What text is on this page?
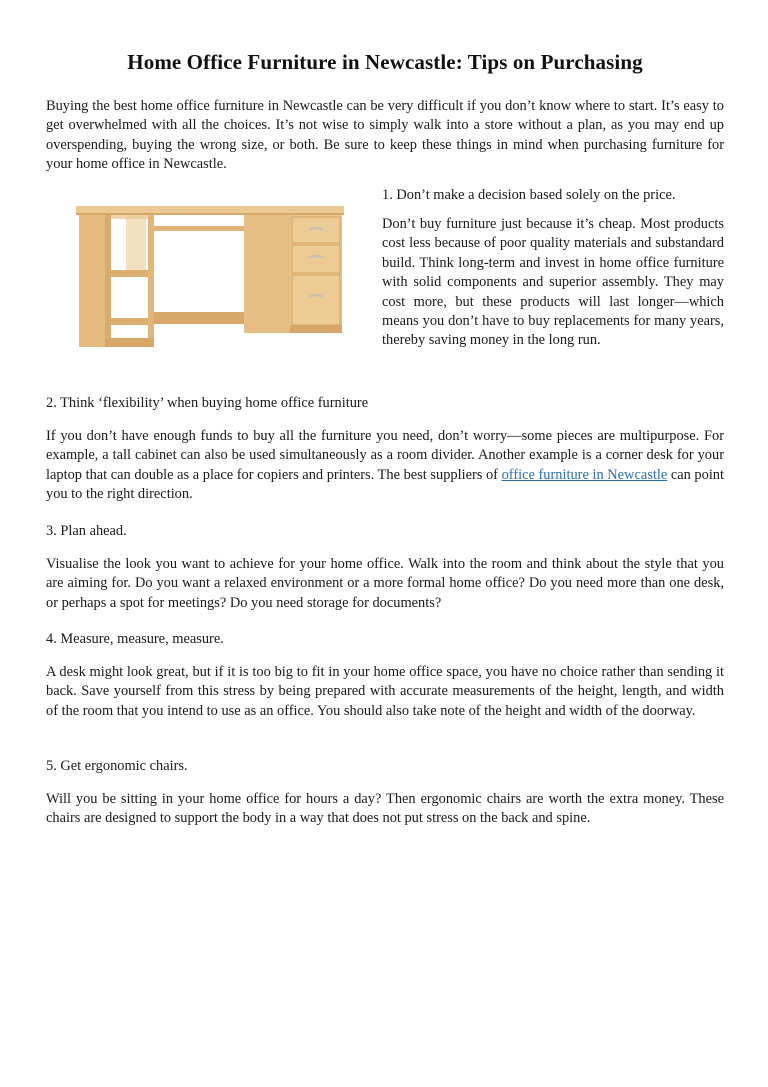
Home Office Furniture in Newcastle: Tips on Purchasing

Buying the best home office furniture in Newcastle can be very difficult if you don’t know where to start. It’s easy to get overwhelmed with all the choices. It’s not wise to simply walk into a store without a plan, as you may end up overspending, buying the wrong size, or both. Be sure to keep these things in mind when purchasing furniture for your home office in Newcastle.

1. Don’t make a decision based solely on the price.

Don’t buy furniture just because it’s cheap. Most products cost less because of poor quality materials and substandard build. Think long-term and invest in home office furniture with solid components and superior assembly. They may cost more, but these products will last longer—which means you don’t have to buy replacements for many years, thereby saving money in the long run.

2. Think ‘flexibility’ when buying home office furniture

If you don’t have enough funds to buy all the furniture you need, don’t worry—some pieces are multipurpose. For example, a tall cabinet can also be used simultaneously as a room divider. Another example is a corner desk for your laptop that can double as a place for copiers and printers. The best suppliers of office furniture in Newcastle can point you to the right direction.

3. Plan ahead.

Visualise the look you want to achieve for your home office. Walk into the room and think about the style that you are aiming for. Do you want a relaxed environment or a more formal home office? Do you need more than one desk, or perhaps a spot for meetings? Do you need storage for documents?

4. Measure, measure, measure.

A desk might look great, but if it is too big to fit in your home office space, you have no choice rather than sending it back. Save yourself from this stress by being prepared with accurate measurements of the height, length, and width of the room that you intend to use as an office. You should also take note of the height and width of the doorway.

5. Get ergonomic chairs.

Will you be sitting in your home office for hours a day? Then ergonomic chairs are worth the extra money. These chairs are designed to support the body in a way that does not put stress on the back and spine.
